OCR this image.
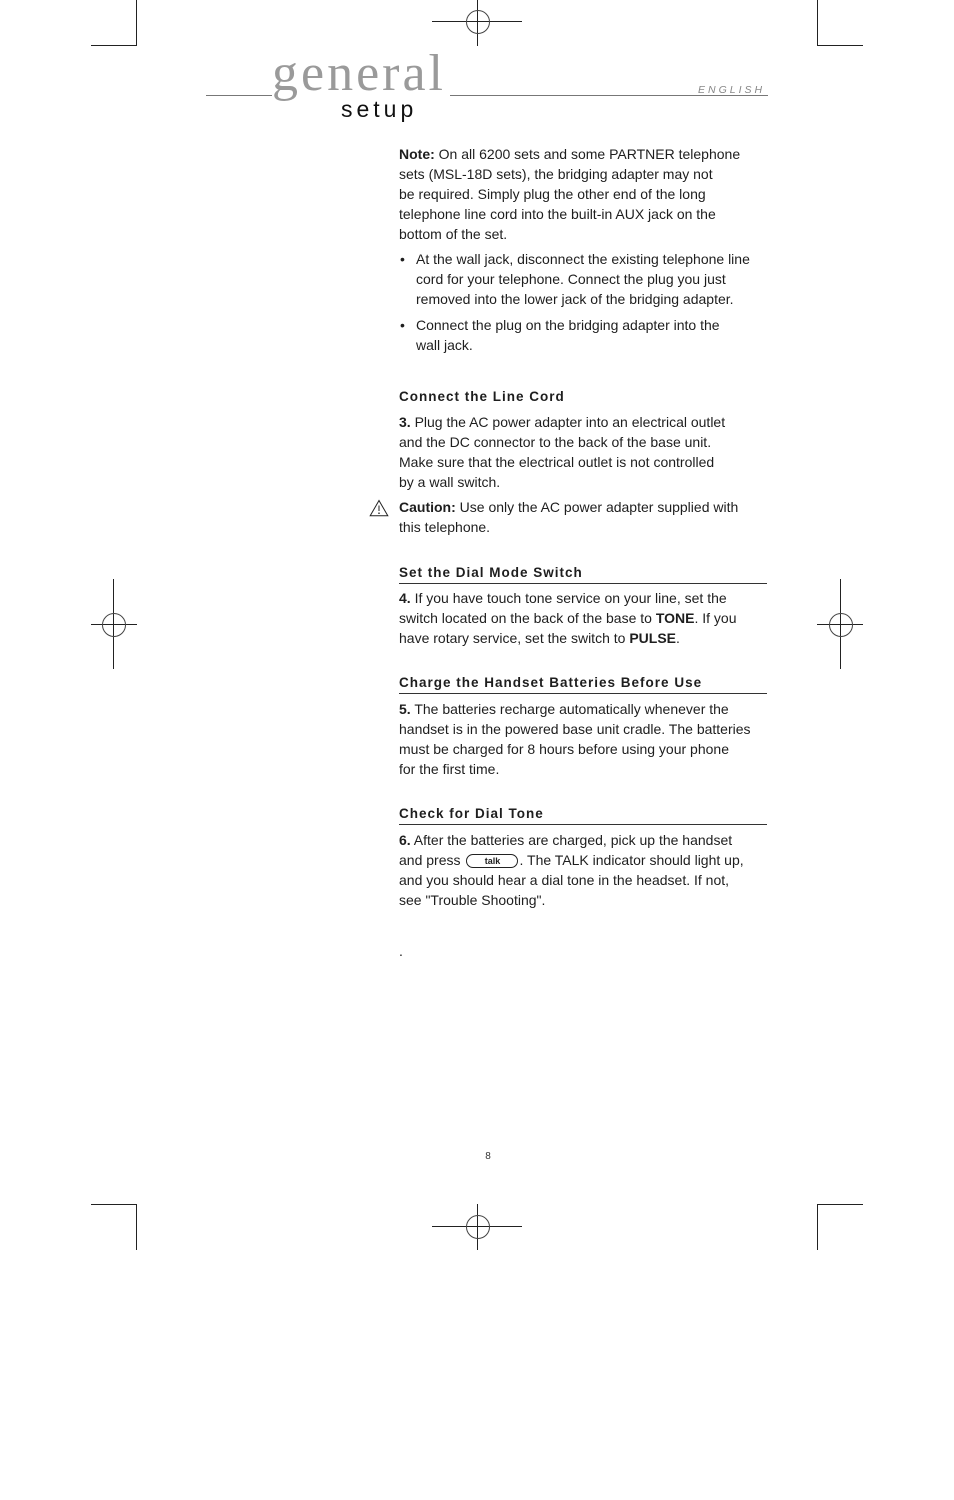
general
setup
ENGLISH

Note: On all 6200 sets and some PARTNER telephone

sets (MSL-18D sets), the bridging adapter may not

be required. Simply plug the other end of the long

telephone line cord into the built-in AUX jack on the

bottom of the set.

• At the wall jack, disconnect the existing telephone line

cord for your telephone. Connect the plug you just

removed into the lower jack of the bridging adapter.

• Connect the plug on the bridging adapter into the

wall jack.

Connect the Line Cord

3. Plug the AC power adapter into an electrical outlet

and the DC connector to the back of the base unit.

Make sure that the electrical outlet is not controlled

by a wall switch.

Caution: Use only the AC power adapter supplied with

this telephone.

Set the Dial Mode Switch

4. If you have touch tone service on your line, set the

switch located on the back of the base to TONE. If you

have rotary service, set the switch to PULSE.

Charge the Handset Batteries Before Use

5. The batteries recharge automatically whenever the

handset is in the powered base unit cradle. The batteries

must be charged for 8 hours before using your phone

for the first time.

Check for Dial Tone

6. After the batteries are charged, pick up the handset

and press	talk . The TALK indicator should light up,

and you should hear a dial tone in the headset. If not,

see "Trouble Shooting".

.
8
